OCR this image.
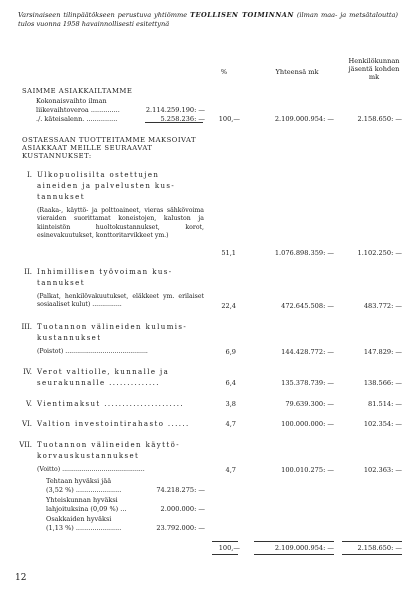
Varsinaiseen tilinpäätökseen perustuva yhtiömme TEOLLISEN TOIMINNAN (ilman maa- ja metsätaloutta) tulos vuonna 1958 havainnollisesti esitettynä
%	Yhteensä mk
Henkilökunnan
jäsentä kohden
mk
SAIMME ASIAKKAILTAMME
Kokonaisvaihto ilman
liikevaihtoveroa ..............	2.114.259.190: —
./. käteisalenn. ...............	5.258.236: —	100,—	2.109.000.954: —	2.158.650: —
OSTAESSAAN TUOTTEITAMME MAKSOIVAT
ASIAKKAAT MEILLE SEURAAVAT
KUSTANNUKSET:
I. Ulkopuolisilta ostettujen
aineiden ja palvelusten kus-
tannukset
(Raaka-, käyttö- ja polttoaineet, vieras sähkövoima vieraiden suorittamat koneistojen, kaluston ja kiinteistön huoltokustannukset, korot, esinevakuutukset, konttoritarvikkeet ym.)
51,1	1.076.898.359: —	1.102.250: —
II. Inhimillisen työvoiman kus-
tannukset
(Palkat, henkilövakuutukset, eläkkeet ym. erilaiset sosiaaliset kulut) ...............	22,4	472.645.508: —	483.772: —
III. Tuotannon välineiden kulumis-
kustannukset
(Poistot) ..........................................	6,9	144.428.772: —	147.829: —
IV. Verot valtiolle, kunnalle ja
seurakunnalle ..............	6,4	135.378.739: —	138.566: —
V. Vientimaksut ......................	3,8	79.639.300: —	81.514: —
VI. Valtion investointirahasto ......	4,7	100.000.000: —	102.354: —
VII. Tuotannon välineiden käyttö-
korvauskustannukset
(Voitto) ..........................................	4,7	100.010.275: —	102.363: —
Tehtaan hyväksi jää
(3,52 %) ......................	74.218.275: —
Yhteiskunnan hyväksi
lahjoituksina (0,09 %) ...	2.000.000: —
Osakkaiden hyväksi
(1,13 %) ......................	23.792.000: —
100,—	2.109.000.954: —	2.158.650: —
12
